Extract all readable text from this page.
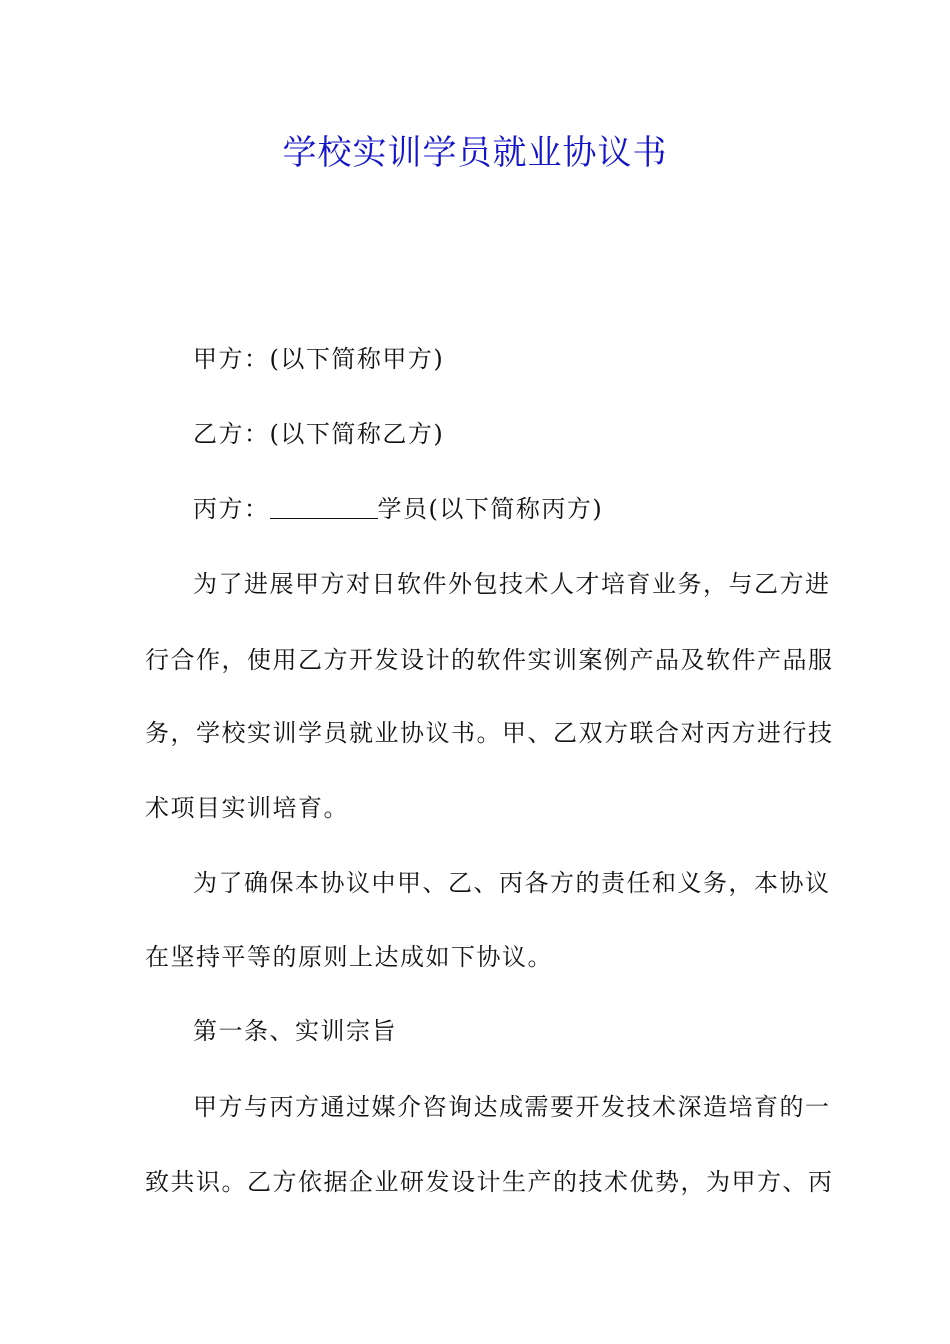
学校实训学员就业协议书
甲方：(以下简称甲方)
乙方：(以下简称乙方)
丙方：	学员(以下简称丙方)
为了进展甲方对日软件外包技术人才培育业务，与乙方进
行合作，使用乙方开发设计的软件实训案例产品及软件产品服
务，学校实训学员就业协议书。甲、乙双方联合对丙方进行技
术项目实训培育。
为了确保本协议中甲、乙、丙各方的责任和义务，本协议
在坚持平等的原则上达成如下协议。
第一条、实训宗旨
甲方与丙方通过媒介咨询达成需要开发技术深造培育的一
致共识。乙方依据企业研发设计生产的技术优势，为甲方、丙
